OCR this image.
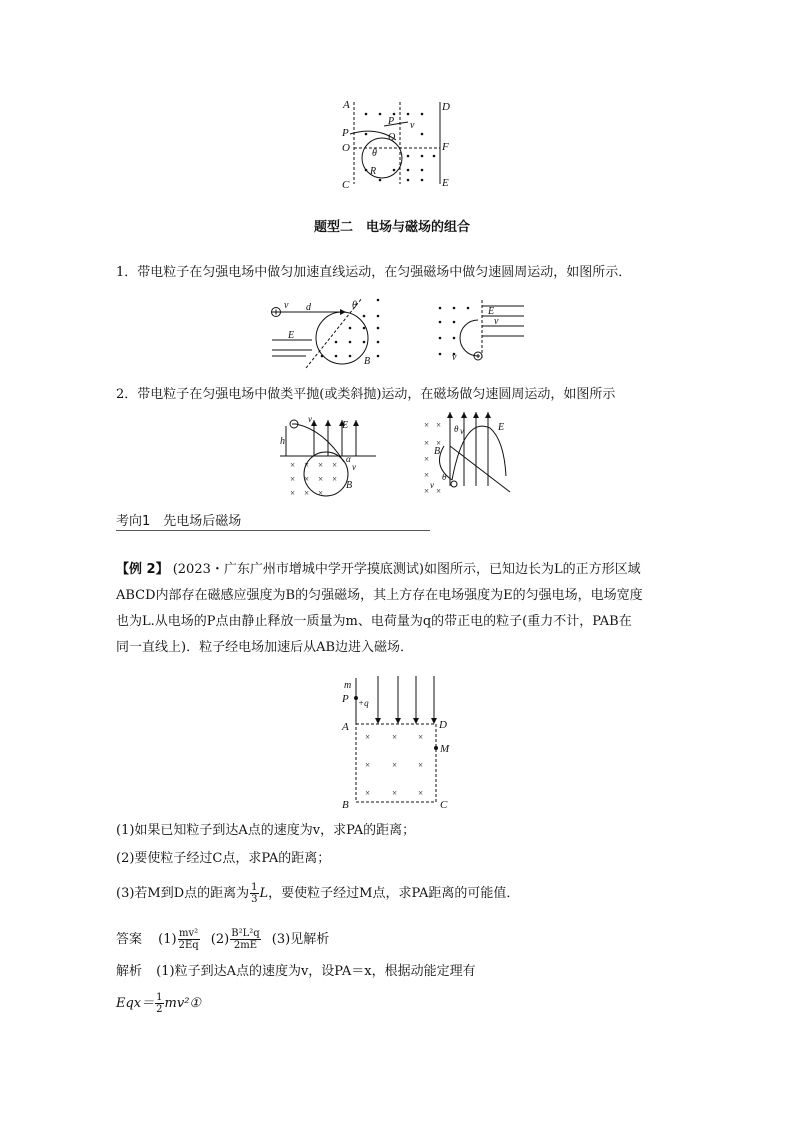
A	D
P
O	F
C	E
P
Q
v
θ
R
题型二　电场与磁场的组合
1．带电粒子在匀强电场中做匀加速直线运动，在匀强磁场中做匀速圆周运动，如图所示．
v d	θ
E
B
E
v
v
2．带电粒子在匀强电场中做类平抛(或类斜抛)运动，在磁场做匀速圆周运动，如图所示
× × × ×
× × × ×
× × ×
v
h
E
α
v
B
× ×
× ×
×
×
× ×
θ v	E
B
θ
v
考向1　先电场后磁场
【例 2】 (2023・广东广州市增城中学开学摸底测试)如图所示，已知边长为L的正方形区域
ABCD内部存在磁感应强度为B的匀强磁场，其上方存在电场强度为E的匀强电场，电场宽度
也为L.从电场的P点由静止释放一质量为m、电荷量为q的带正电的粒子(重力不计，PAB在
同一直线上)．粒子经电场加速后从AB边进入磁场．
× × ×
× × ×
× × ×
m
P +q
A	D
M
B	C
(1)如果已知粒子到达A点的速度为v，求PA的距离；
(2)要使粒子经过C点，求PA的距离；
(3)若M到D点的距离为 $\frac{1}{3}$ L，要使粒子经过M点，求PA距离的可能值．
答案 $(1) \frac{\text{mv²}}{2Eq} (2) \frac{\text{B²L²q}}{2mE} (3)$见解析
解析 (1)粒子到达A点的速度为v，设PA＝x，根据动能定理有
$Eqx= \frac{1}{2}$ mv²①
